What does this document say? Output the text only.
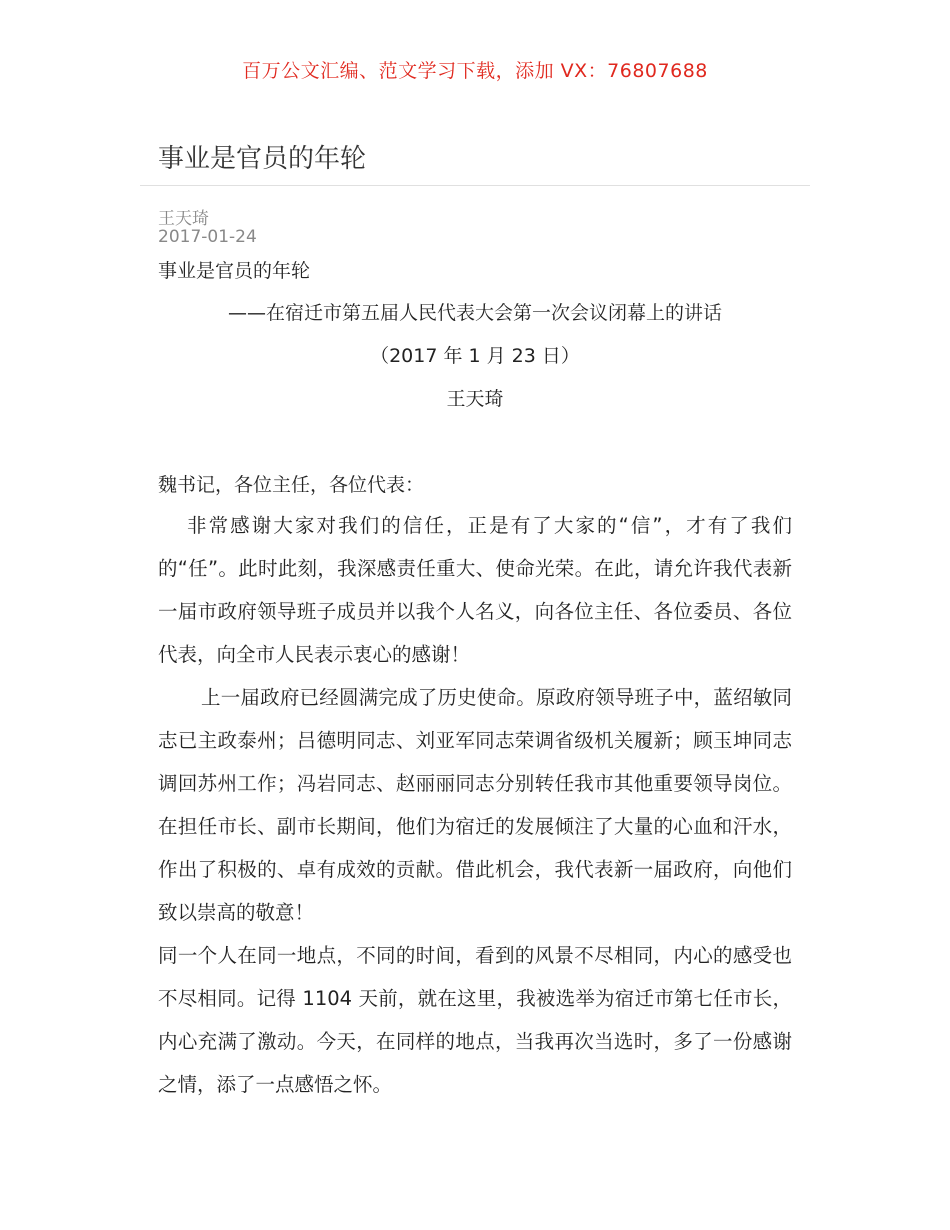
百万公文汇编、范文学习下载，添加 VX：76807688
事业是官员的年轮
王天琦
2017-01-24
事业是官员的年轮
——在宿迁市第五届人民代表大会第一次会议闭幕上的讲话
（2017 年 1 月 23 日）
王天琦
魏书记，各位主任，各位代表：

非常感谢大家对我们的信任，正是有了大家的“信”，才有了我们的“任”。此时此刻，我深感责任重大、使命光荣。在此，请允许我代表新一届市政府领导班子成员并以我个人名义，向各位主任、各位委员、各位代表，向全市人民表示衷心的感谢！

上一届政府已经圆满完成了历史使命。原政府领导班子中，蓝绍敏同志已主政泰州；吕德明同志、刘亚军同志荣调省级机关履新；顾玉坤同志调回苏州工作；冯岩同志、赵丽丽同志分别转任我市其他重要领导岗位。在担任市长、副市长期间，他们为宿迁的发展倾注了大量的心血和汗水，作出了积极的、卓有成效的贡献。借此机会，我代表新一届政府，向他们致以崇高的敬意！

同一个人在同一地点，不同的时间，看到的风景不尽相同，内心的感受也不尽相同。记得 1104 天前，就在这里，我被选举为宿迁市第七任市长，内心充满了激动。今天，在同样的地点，当我再次当选时，多了一份感谢之情，添了一点感悟之怀。
